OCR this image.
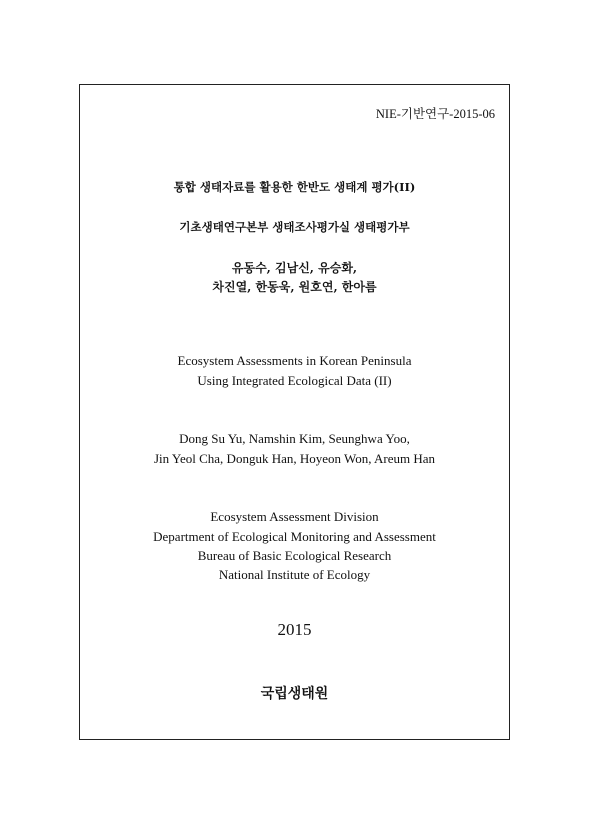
NIE-기반연구-2015-06
통합 생태자료를 활용한 한반도 생태계 평가(II)
기초생태연구본부 생태조사평가실 생태평가부
유동수, 김남신, 유승화,
차진열, 한동욱, 원호연, 한아름
Ecosystem Assessments in Korean Peninsula
Using Integrated Ecological Data (II)
Dong Su Yu, Namshin Kim, Seunghwa Yoo,
Jin Yeol Cha, Donguk Han, Hoyeon Won, Areum Han
Ecosystem Assessment Division
Department of Ecological Monitoring and Assessment
Bureau of Basic Ecological Research
National Institute of Ecology
2015
국립생태원
